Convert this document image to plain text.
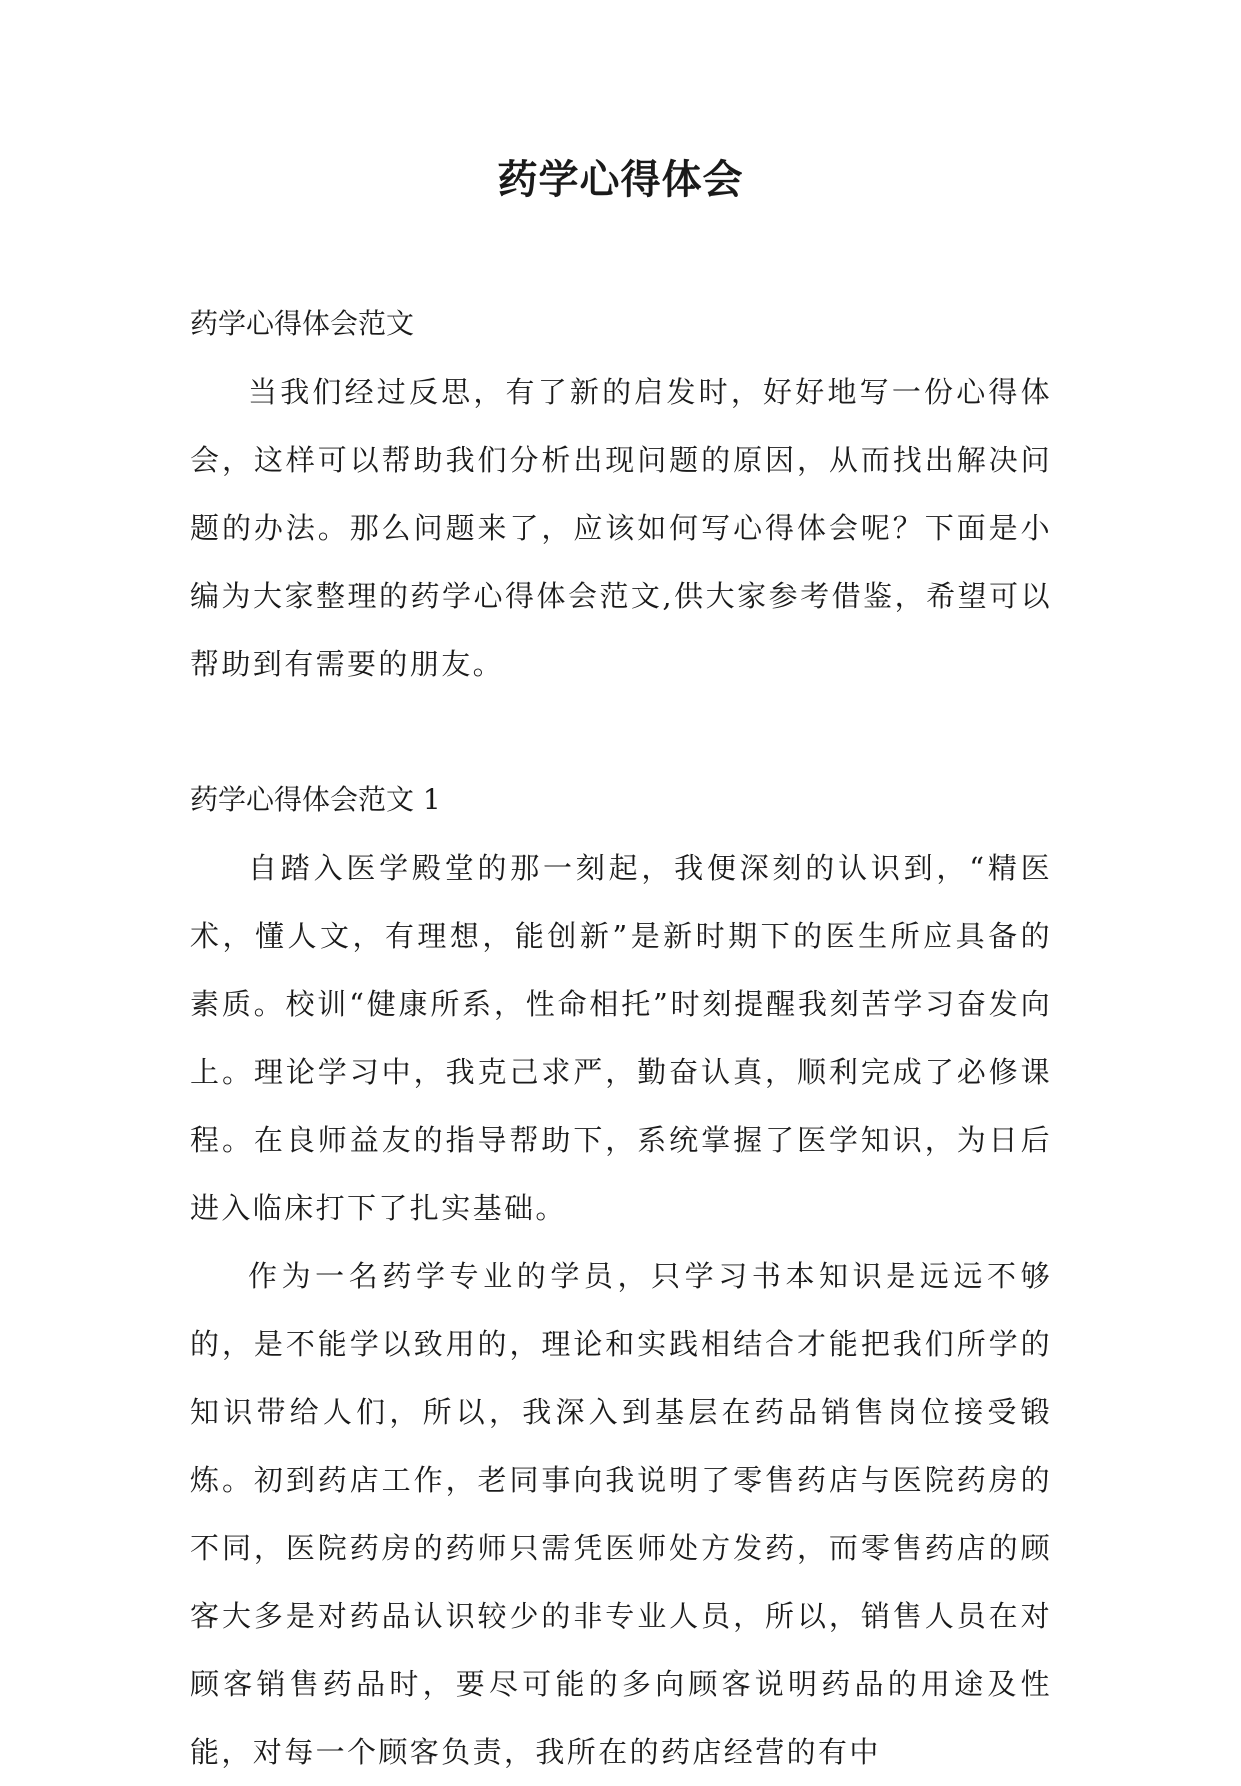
药学心得体会

药学心得体会范文

当我们经过反思，有了新的启发时，好好地写一份心得体会，这样可以帮助我们分析出现问题的原因，从而找出解决问题的办法。那么问题来了，应该如何写心得体会呢？下面是小编为大家整理的药学心得体会范文,供大家参考借鉴，希望可以帮助到有需要的朋友。

药学心得体会范文 1

自踏入医学殿堂的那一刻起，我便深刻的认识到，“精医术，懂人文，有理想，能创新”是新时期下的医生所应具备的素质。校训“健康所系，性命相托”时刻提醒我刻苦学习奋发向上。理论学习中，我克己求严，勤奋认真，顺利完成了必修课程。在良师益友的指导帮助下，系统掌握了医学知识，为日后进入临床打下了扎实基础。

作为一名药学专业的学员，只学习书本知识是远远不够的，是不能学以致用的，理论和实践相结合才能把我们所学的知识带给人们，所以，我深入到基层在药品销售岗位接受锻炼。初到药店工作，老同事向我说明了零售药店与医院药房的不同，医院药房的药师只需凭医师处方发药，而零售药店的顾客大多是对药品认识较少的非专业人员，所以，销售人员在对顾客销售药品时，要尽可能的多向顾客说明药品的用途及性能，对每一个顾客负责，我所在的药店经营的有中
